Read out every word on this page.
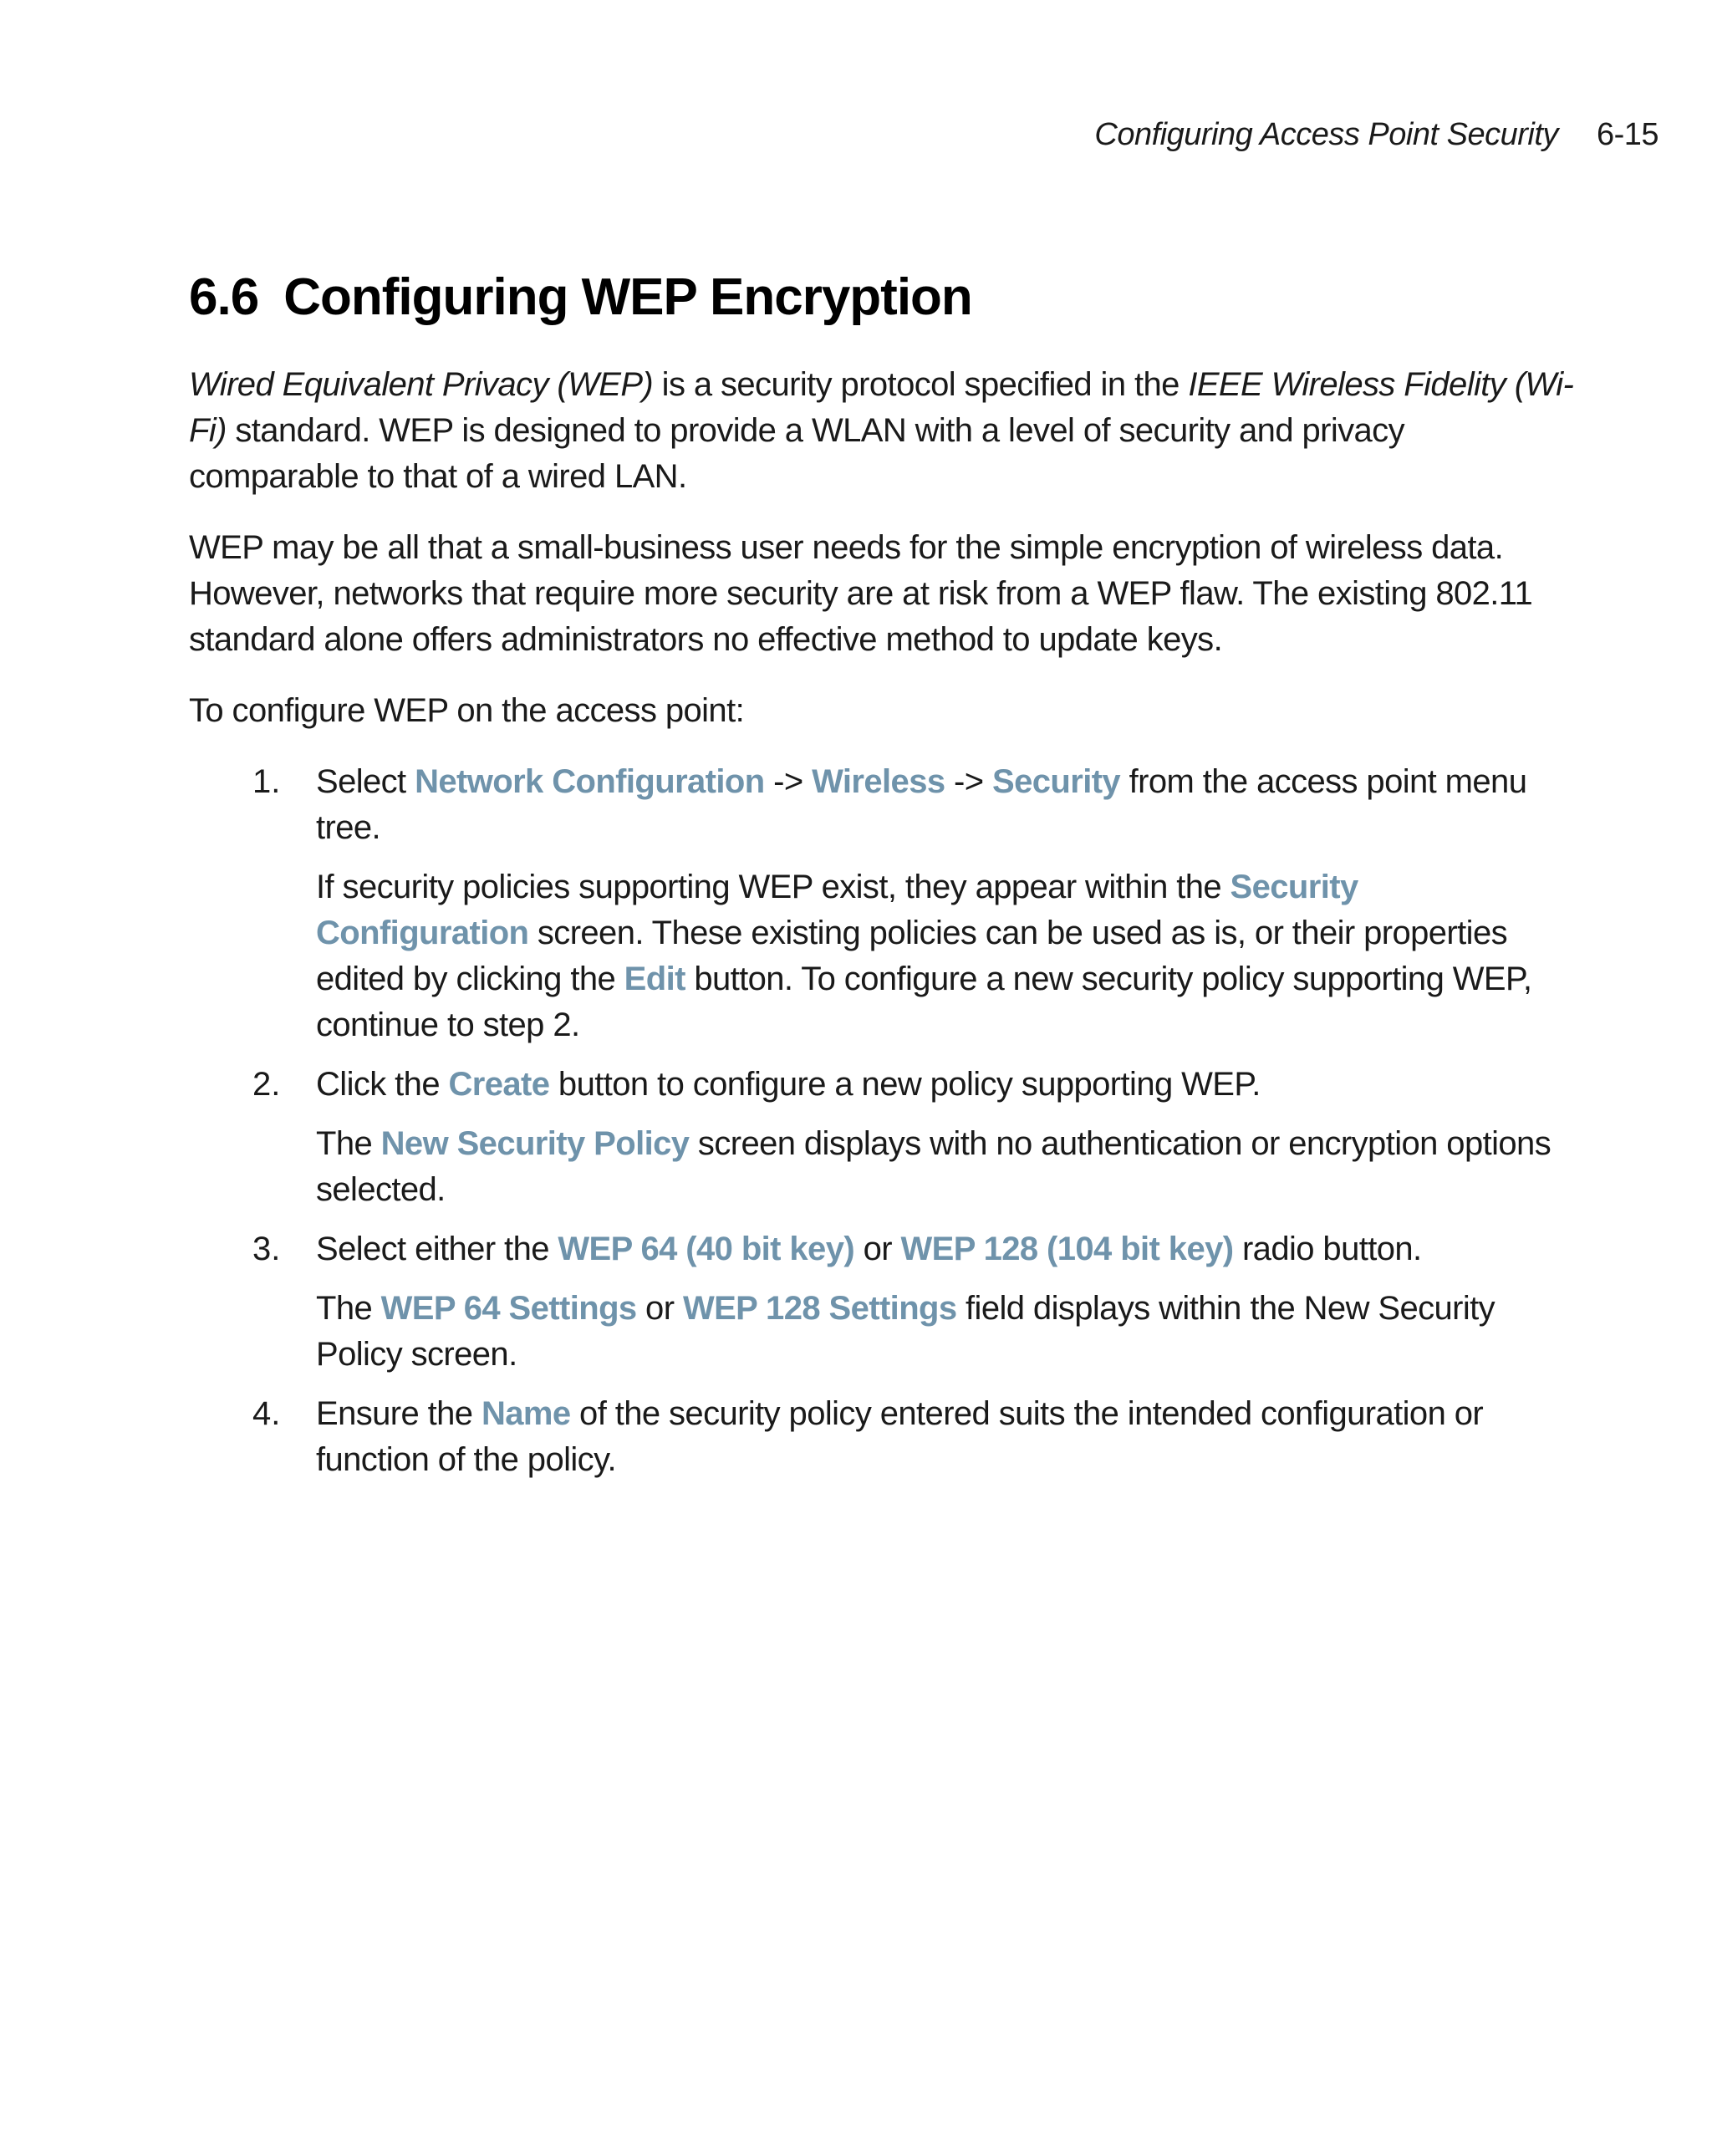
Configuring Access Point Security 6-15
6.6 Configuring WEP Encryption

Wired Equivalent Privacy (WEP) is a security protocol specified in the IEEE Wireless Fidelity (Wi-Fi) standard. WEP is designed to provide a WLAN with a level of security and privacy comparable to that of a wired LAN.

WEP may be all that a small-business user needs for the simple encryption of wireless data. However, networks that require more security are at risk from a WEP flaw. The existing 802.11 standard alone offers administrators no effective method to update keys.

To configure WEP on the access point:

1. Select Network Configuration -> Wireless -> Security from the access point menu tree.

If security policies supporting WEP exist, they appear within the Security Configuration screen. These existing policies can be used as is, or their properties edited by clicking the Edit button. To configure a new security policy supporting WEP, continue to step 2.

2. Click the Create button to configure a new policy supporting WEP.

The New Security Policy screen displays with no authentication or encryption options selected.

3. Select either the WEP 64 (40 bit key) or WEP 128 (104 bit key) radio button.

The WEP 64 Settings or WEP 128 Settings field displays within the New Security Policy screen.

4. Ensure the Name of the security policy entered suits the intended configuration or function of the policy.
